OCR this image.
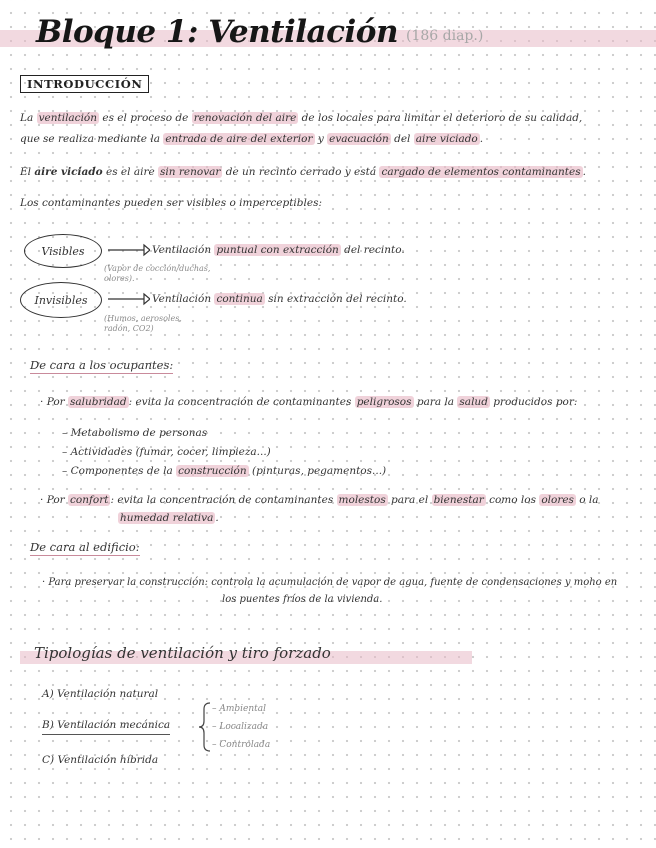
Bloque 1: Ventilación (186 diap.)
INTRODUCCIÓN
La ventilación es el proceso de renovación del aire de los locales para limitar el deterioro de su calidad,
que se realiza mediante la entrada de aire del exterior y evacuación del aire viciado .
El aire viciado es el aire sin renovar de un recinto cerrado y está cargado de elementos contaminantes .
Los contaminantes pueden ser visibles o imperceptibles:
Visibles	Ventilación puntual con extracción del recinto.
(Vapor de cocción/duchas, olores).
Invisibles	Ventilación continua sin extracción del recinto.
(Humos, aerosoles, radón, CO2)
De cara a los ocupantes:
· Por salubridad : evita la concentración de contaminantes peligrosos para la salud producidos por:
– Metabolismo de personas
– Actividades (fumar, cocer, limpieza...)
– Componentes de la construcción (pinturas, pegamentos...)
· Por confort : evita la concentración de contaminantes molestos para el bienestar como los olores o la
humedad relativa .
De cara al edificio:
· Para preservar la construcción: controla la acumulación de vapor de agua, fuente de condensaciones y moho en
los puentes fríos de la vivienda.
Tipologías de ventilación y tiro forzado
A) Ventilación natural
B) Ventilación mecánica
C) Ventilación híbrida
– Ambiental
– Localizada
– Controlada
